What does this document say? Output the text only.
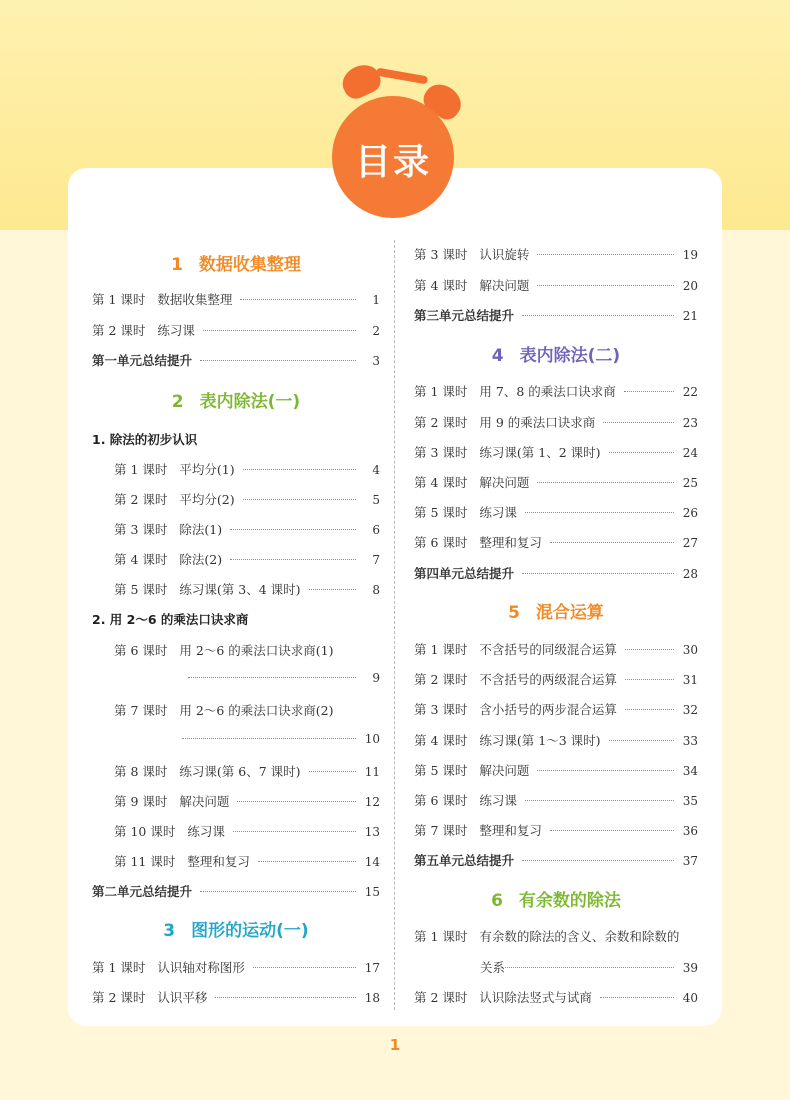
目录
1 数据收集整理
第 1 课时 数据收集整理	1
第 2 课时 练习课	2
第一单元总结提升	3
2 表内除法(一)
1. 除法的初步认识
第 1 课时 平均分(1)	4
第 2 课时 平均分(2)	5
第 3 课时 除法(1)	6
第 4 课时 除法(2)	7
第 5 课时 练习课(第 3、4 课时)	8
2. 用 2～6 的乘法口诀求商
第 6 课时 用 2～6 的乘法口诀求商(1)
9
第 7 课时 用 2～6 的乘法口诀求商(2)
10
第 8 课时 练习课(第 6、7 课时)	11
第 9 课时 解决问题	12
第 10 课时 练习课	13
第 11 课时 整理和复习	14
第二单元总结提升	15
3 图形的运动(一)
第 1 课时 认识轴对称图形	17
第 2 课时 认识平移	18
第 3 课时 认识旋转	19
第 4 课时 解决问题	20
第三单元总结提升	21
4 表内除法(二)
第 1 课时 用 7、8 的乘法口诀求商	22
第 2 课时 用 9 的乘法口诀求商	23
第 3 课时 练习课(第 1、2 课时)	24
第 4 课时 解决问题	25
第 5 课时 练习课	26
第 6 课时 整理和复习	27
第四单元总结提升	28
5 混合运算
第 1 课时 不含括号的同级混合运算	30
第 2 课时 不含括号的两级混合运算	31
第 3 课时 含小括号的两步混合运算	32
第 4 课时 练习课(第 1～3 课时)	33
第 5 课时 解决问题	34
第 6 课时 练习课	35
第 7 课时 整理和复习	36
第五单元总结提升	37
6 有余数的除法
第 1 课时 有余数的除法的含义、余数和除数的
关系	39
第 2 课时 认识除法竖式与试商	40
1
